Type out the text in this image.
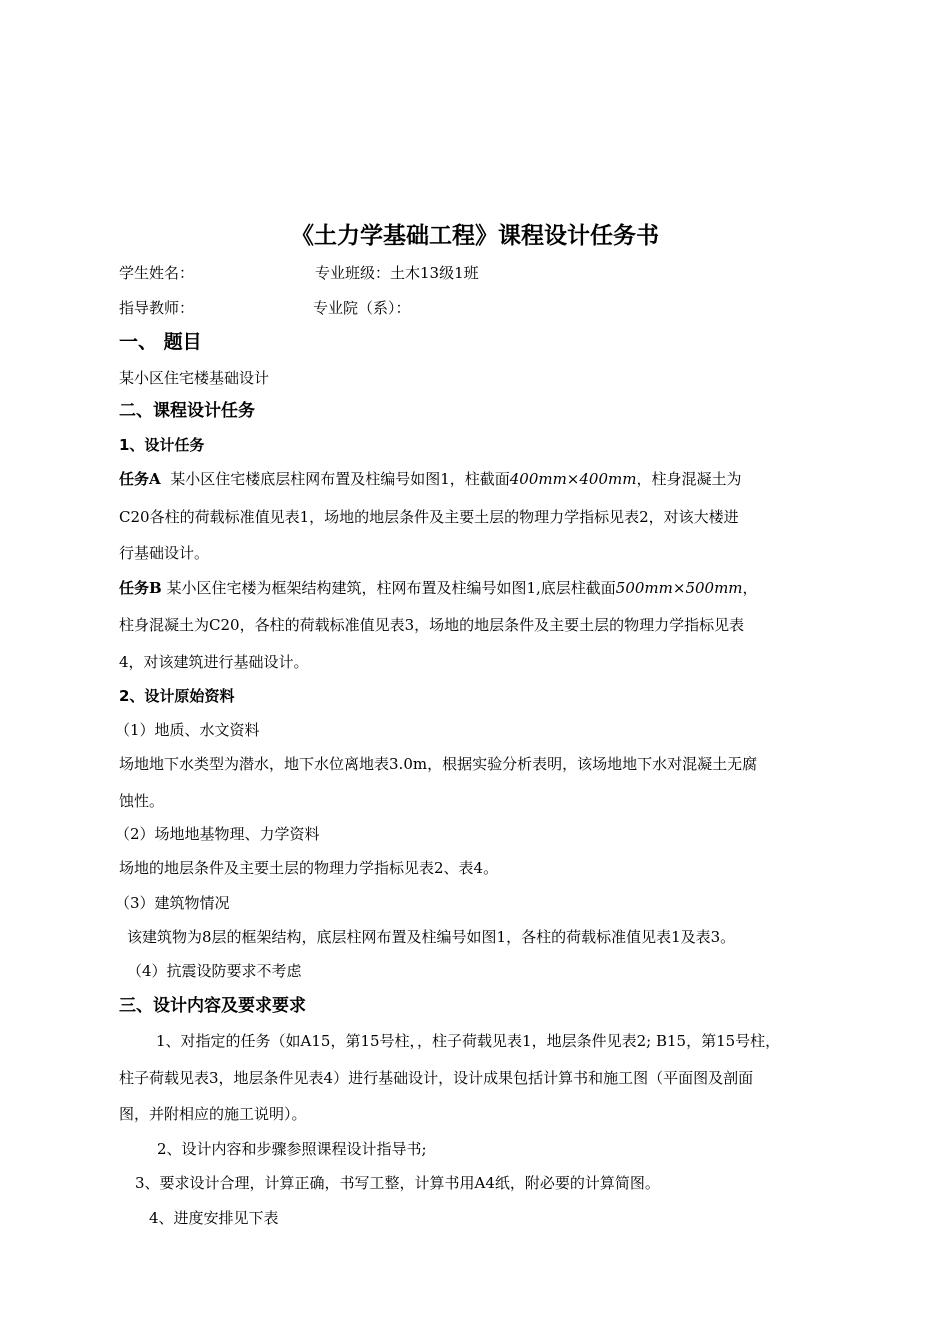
《土力学基础工程》课程设计任务书
学生姓名：	专业班级：土木13级1班
指导教师：	专业院（系）：
一、 题目
某小区住宅楼基础设计
二、课程设计任务
1、设计任务
任务A 某小区住宅楼底层柱网布置及柱编号如图1，柱截面400mm×400mm，柱身混凝土为
C20各柱的荷载标准值见表1，场地的地层条件及主要土层的物理力学指标见表2，对该大楼进
行基础设计。
任务B 某小区住宅楼为框架结构建筑，柱网布置及柱编号如图1,底层柱截面500mm×500mm，
柱身混凝土为C20，各柱的荷载标准值见表3，场地的地层条件及主要土层的物理力学指标见表
4，对该建筑进行基础设计。
2、设计原始资料
（1）地质、水文资料
场地地下水类型为潜水，地下水位离地表3.0m，根据实验分析表明，该场地地下水对混凝土无腐
蚀性。
（2）场地地基物理、力学资料
场地的地层条件及主要土层的物理力学指标见表2、表4。
（3）建筑物情况
该建筑物为8层的框架结构，底层柱网布置及柱编号如图1，各柱的荷载标准值见表1及表3。
（4）抗震设防要求不考虑
三、设计内容及要求要求
1、对指定的任务（如A15，第15号柱，，柱子荷载见表1，地层条件见表2; B15，第15号柱，
柱子荷载见表3，地层条件见表4）进行基础设计，设计成果包括计算书和施工图（平面图及剖面
图，并附相应的施工说明）。
2、设计内容和步骤参照课程设计指导书;
3、要求设计合理，计算正确，书写工整，计算书用A4纸，附必要的计算简图。
4、进度安排见下表
